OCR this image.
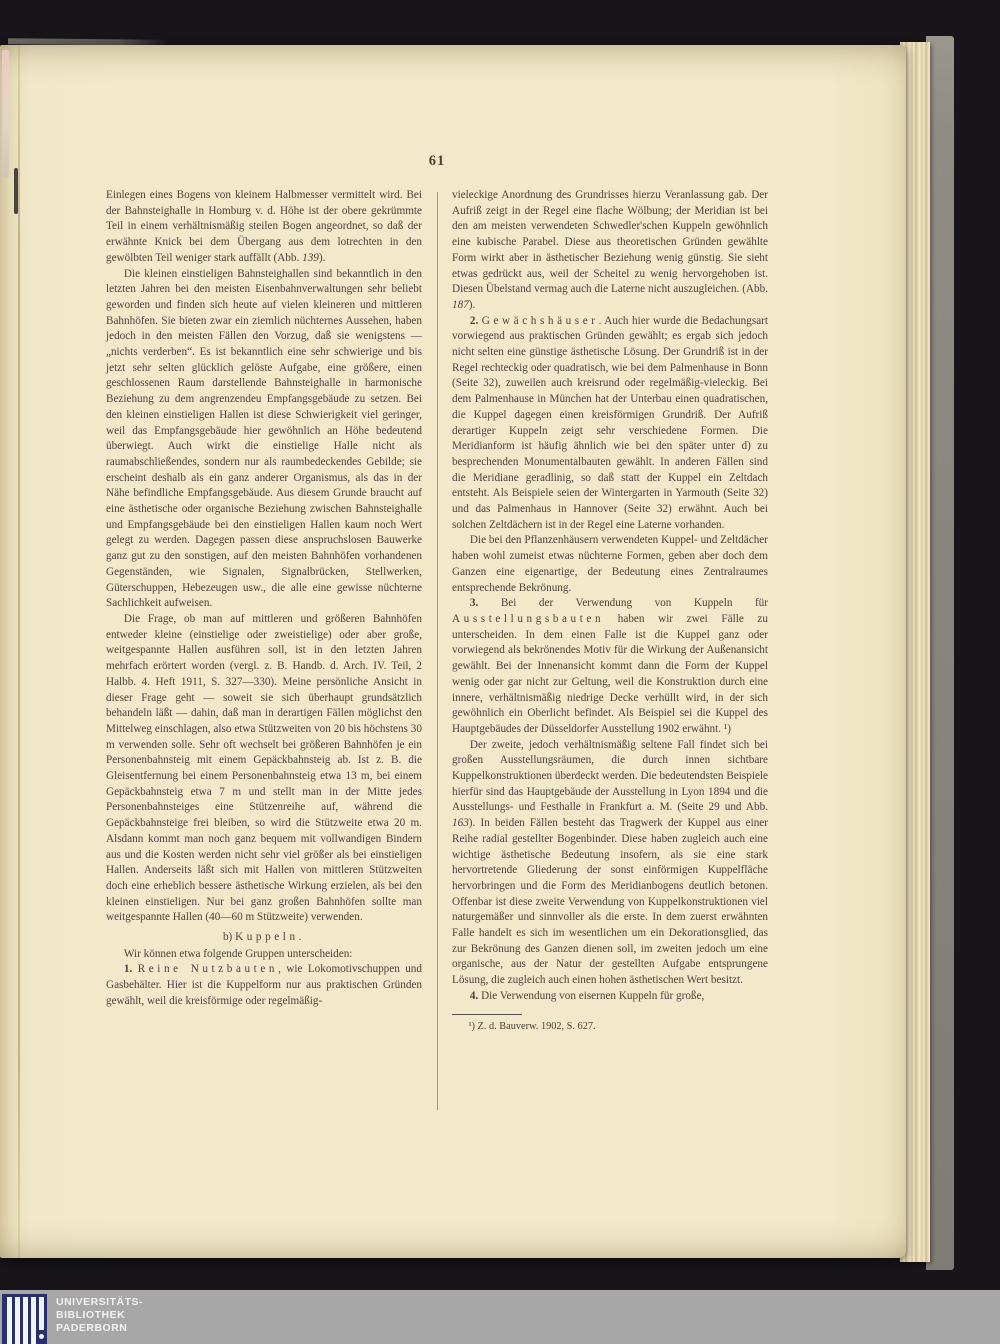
61

Einlegen eines Bogens von kleinem Halbmesser vermittelt wird. Bei der Bahnsteighalle in Homburg v. d. Höhe ist der obere gekrümmte Teil in einem verhältnismäßig steilen Bogen angeordnet, so daß der erwähnte Knick bei dem Übergang aus dem lotrechten in den gewölbten Teil weniger stark auffällt (Abb. 139).

Die kleinen einstieligen Bahnsteighallen sind bekanntlich in den letzten Jahren bei den meisten Eisenbahnverwaltungen sehr beliebt geworden und finden sich heute auf vielen kleineren und mittleren Bahnhöfen. Sie bieten zwar ein ziemlich nüchternes Aussehen, haben jedoch in den meisten Fällen den Vorzug, daß sie wenigstens — „nichts verderben“. Es ist bekanntlich eine sehr schwierige und bis jetzt sehr selten glücklich gelöste Aufgabe, eine größere, einen geschlossenen Raum darstellende Bahnsteighalle in harmonische Beziehung zu dem angrenzendeu Empfangsgebäude zu setzen. Bei den kleinen einstieligen Hallen ist diese Schwierigkeit viel geringer, weil das Empfangsgebäude hier gewöhnlich an Höhe bedeutend überwiegt. Auch wirkt die einstielige Halle nicht als raumabschließendes, sondern nur als raumbedeckendes Gebilde; sie erscheint deshalb als ein ganz anderer Organismus, als das in der Nähe befindliche Empfangsgebäude. Aus diesem Grunde braucht auf eine ästhetische oder organische Beziehung zwischen Bahnsteighalle und Empfangsgebäude bei den einstieligen Hallen kaum noch Wert gelegt zu werden. Dagegen passen diese anspruchslosen Bauwerke ganz gut zu den sonstigen, auf den meisten Bahnhöfen vorhandenen Gegenständen, wie Signalen, Signalbrücken, Stellwerken, Güterschuppen, Hebezeugen usw., die alle eine gewisse nüchterne Sachlichkeit aufweisen.

Die Frage, ob man auf mittleren und größeren Bahnhöfen entweder kleine (einstielige oder zweistielige) oder aber große, weitgespannte Hallen ausführen soll, ist in den letzten Jahren mehrfach erörtert worden (vergl. z. B. Handb. d. Arch. IV. Teil, 2 Halbb. 4. Heft 1911, S. 327—330). Meine persönliche Ansicht in dieser Frage geht — soweit sie sich überhaupt grundsätzlich behandeln läßt — dahin, daß man in derartigen Fällen möglichst den Mittelweg einschlagen, also etwa Stützweiten von 20 bis höchstens 30 m verwenden solle. Sehr oft wechselt bei größeren Bahnhöfen je ein Personenbahnsteig mit einem Gepäckbahnsteig ab. Ist z. B. die Gleisentfernung bei einem Personenbahnsteig etwa 13 m, bei einem Gepäckbahnsteig etwa 7 m und stellt man in der Mitte jedes Personenbahnsteiges eine Stützenreihe auf, während die Gepäckbahnsteige frei bleiben, so wird die Stützweite etwa 20 m. Alsdann kommt man noch ganz bequem mit vollwandigen Bindern aus und die Kosten werden nicht sehr viel größer als bei einstieligen Hallen. Anderseits läßt sich mit Hallen von mittleren Stützweiten doch eine erheblich bessere ästhetische Wirkung erzielen, als bei den kleinen einstieligen. Nur bei ganz großen Bahnhöfen sollte man weitgespannte Hallen (40—60 m Stützweite) verwenden.

b) Kuppeln.

Wir können etwa folgende Gruppen unterscheiden:

1. Reine Nutzbauten, wie Lokomotivschuppen und Gasbehälter. Hier ist die Kuppelform nur aus praktischen Gründen gewählt, weil die kreisförmige oder regelmäßig-

vieleckige Anordnung des Grundrisses hierzu Veranlassung gab. Der Aufriß zeigt in der Regel eine flache Wölbung; der Meridian ist bei den am meisten verwendeten Schwedler'schen Kuppeln gewöhnlich eine kubische Parabel. Diese aus theoretischen Gründen gewählte Form wirkt aber in ästhetischer Beziehung wenig günstig. Sie sieht etwas gedrückt aus, weil der Scheitel zu wenig hervorgehoben ist. Diesen Übelstand vermag auch die Laterne nicht auszugleichen. (Abb. 187).

2. Gewächshäuser. Auch hier wurde die Bedachungsart vorwiegend aus praktischen Gründen gewählt; es ergab sich jedoch nicht selten eine günstige ästhetische Lösung. Der Grundriß ist in der Regel rechteckig oder quadratisch, wie bei dem Palmenhause in Bonn (Seite 32), zuweilen auch kreisrund oder regelmäßig-vieleckig. Bei dem Palmenhause in München hat der Unterbau einen quadratischen, die Kuppel dagegen einen kreisförmigen Grundriß. Der Aufriß derartiger Kuppeln zeigt sehr verschiedene Formen. Die Meridianform ist häufig ähnlich wie bei den später unter d) zu besprechenden Monumentalbauten gewählt. In anderen Fällen sind die Meridiane geradlinig, so daß statt der Kuppel ein Zeltdach entsteht. Als Beispiele seien der Wintergarten in Yarmouth (Seite 32) und das Palmenhaus in Hannover (Seite 32) erwähnt. Auch bei solchen Zeltdächern ist in der Regel eine Laterne vorhanden.

Die bei den Pflanzenhäusern verwendeten Kuppel- und Zeltdächer haben wohl zumeist etwas nüchterne Formen, geben aber doch dem Ganzen eine eigenartige, der Bedeutung eines Zentralraumes entsprechende Bekrönung.

3. Bei der Verwendung von Kuppeln für Ausstellungsbauten haben wir zwei Fälle zu unterscheiden. In dem einen Falle ist die Kuppel ganz oder vorwiegend als bekrönendes Motiv für die Wirkung der Außenansicht gewählt. Bei der Innenansicht kommt dann die Form der Kuppel wenig oder gar nicht zur Geltung, weil die Konstruktion durch eine innere, verhältnismäßig niedrige Decke verhüllt wird, in der sich gewöhnlich ein Oberlicht befindet. Als Beispiel sei die Kuppel des Hauptgebäudes der Düsseldorfer Ausstellung 1902 erwähnt. ¹)

Der zweite, jedoch verhältnismäßig seltene Fall findet sich bei großen Ausstellungsräumen, die durch innen sichtbare Kuppelkonstruktionen überdeckt werden. Die bedeutendsten Beispiele hierfür sind das Hauptgebäude der Ausstellung in Lyon 1894 und die Ausstellungs- und Festhalle in Frankfurt a. M. (Seite 29 und Abb. 163). In beiden Fällen besteht das Tragwerk der Kuppel aus einer Reihe radial gestellter Bogenbinder. Diese haben zugleich auch eine wichtige ästhetische Bedeutung insofern, als sie eine stark hervortretende Gliederung der sonst einförmigen Kuppelfläche hervorbringen und die Form des Meridianbogens deutlich betonen. Offenbar ist diese zweite Verwendung von Kuppelkonstruktionen viel naturgemäßer und sinnvoller als die erste. In dem zuerst erwähnten Falle handelt es sich im wesentlichen um ein Dekorationsglied, das zur Bekrönung des Ganzen dienen soll, im zweiten jedoch um eine organische, aus der Natur der gestellten Aufgabe entsprungene Lösung, die zugleich auch einen hohen ästhetischen Wert besitzt.

4. Die Verwendung von eisernen Kuppeln für große,

¹) Z. d. Bauverw. 1902, S. 627.

UNIVERSITÄTS-
BIBLIOTHEK
PADERBORN
